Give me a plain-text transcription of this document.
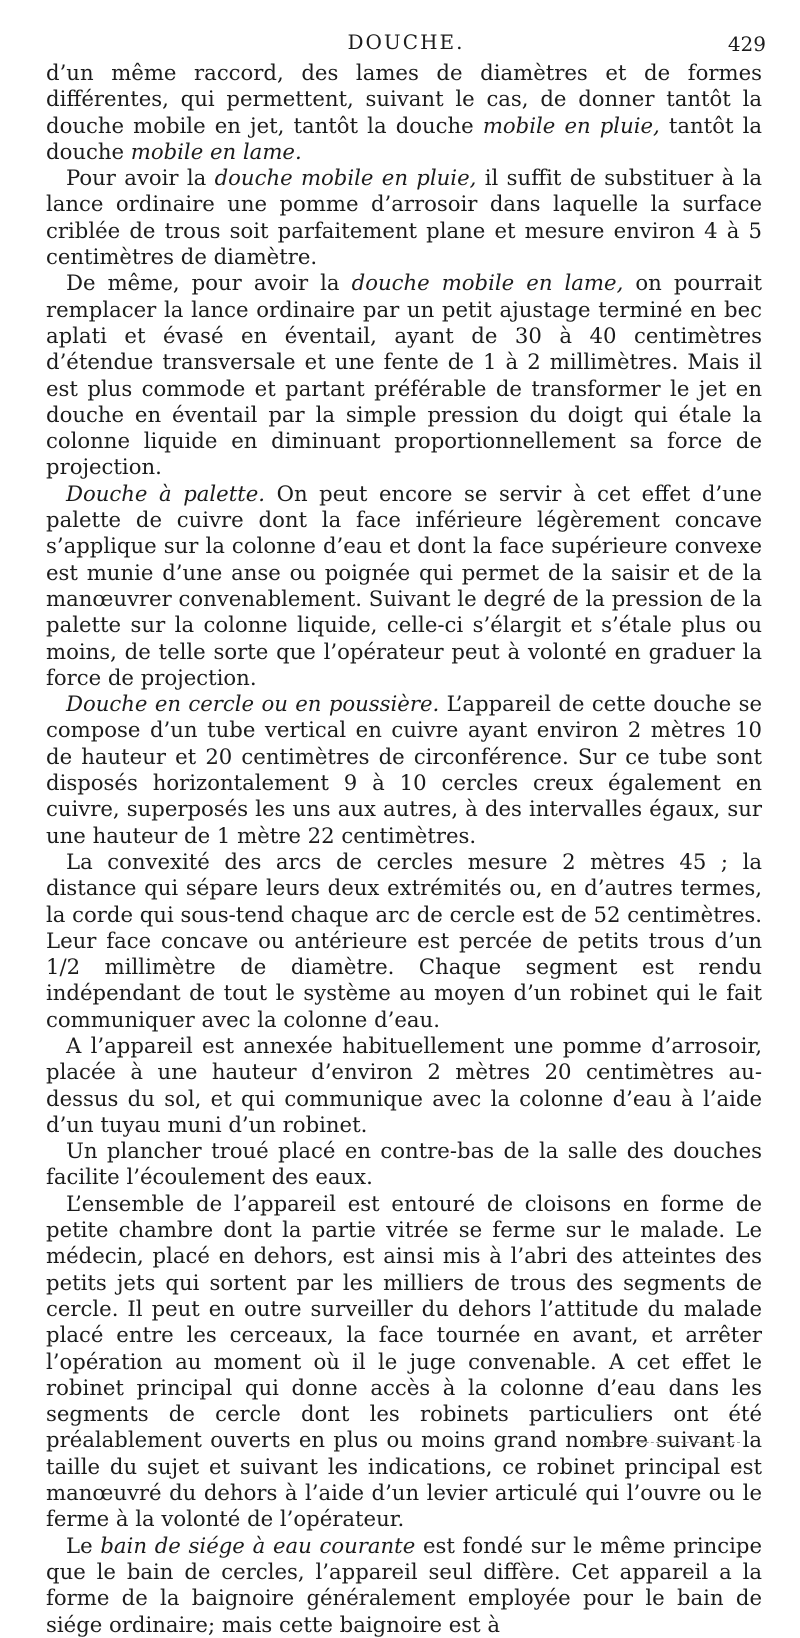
DOUCHE.	429

d’un même raccord, des lames de diamètres et de formes différentes, qui permettent, suivant le cas, de donner tantôt la douche mobile en jet, tantôt la douche mobile en pluie, tantôt la douche mobile en lame.

Pour avoir la douche mobile en pluie, il suffit de substituer à la lance ordinaire une pomme d’arrosoir dans laquelle la surface criblée de trous soit parfaitement plane et mesure environ 4 à 5 centimètres de diamètre.

De même, pour avoir la douche mobile en lame, on pourrait remplacer la lance ordinaire par un petit ajustage terminé en bec aplati et évasé en éventail, ayant de 30 à 40 centimètres d’étendue transversale et une fente de 1 à 2 millimètres. Mais il est plus commode et partant préférable de transformer le jet en douche en éventail par la simple pression du doigt qui étale la colonne liquide en diminuant proportionnellement sa force de projection.

Douche à palette. On peut encore se servir à cet effet d’une palette de cuivre dont la face inférieure légèrement concave s’applique sur la colonne d’eau et dont la face supérieure convexe est munie d’une anse ou poignée qui permet de la saisir et de la manœuvrer convenablement. Suivant le degré de la pression de la palette sur la colonne liquide, celle-ci s’élargit et s’étale plus ou moins, de telle sorte que l’opérateur peut à volonté en graduer la force de projection.

Douche en cercle ou en poussière. L’appareil de cette douche se compose d’un tube vertical en cuivre ayant environ 2 mètres 10 de hauteur et 20 centimètres de circonférence. Sur ce tube sont disposés horizontalement 9 à 10 cercles creux également en cuivre, superposés les uns aux autres, à des intervalles égaux, sur une hauteur de 1 mètre 22 centimètres.

La convexité des arcs de cercles mesure 2 mètres 45 ; la distance qui sépare leurs deux extrémités ou, en d’autres termes, la corde qui sous-tend chaque arc de cercle est de 52 centimètres. Leur face concave ou antérieure est percée de petits trous d’un 1/2 millimètre de diamètre. Chaque segment est rendu indépendant de tout le système au moyen d’un robinet qui le fait communiquer avec la colonne d’eau.

A l’appareil est annexée habituellement une pomme d’arrosoir, placée à une hauteur d’environ 2 mètres 20 centimètres au-dessus du sol, et qui communique avec la colonne d’eau à l’aide d’un tuyau muni d’un robinet.

Un plancher troué placé en contre-bas de la salle des douches facilite l’écoulement des eaux.

L’ensemble de l’appareil est entouré de cloisons en forme de petite chambre dont la partie vitrée se ferme sur le malade. Le médecin, placé en dehors, est ainsi mis à l’abri des atteintes des petits jets qui sortent par les milliers de trous des segments de cercle. Il peut en outre surveiller du dehors l’attitude du malade placé entre les cerceaux, la face tournée en avant, et arrêter l’opération au moment où il le juge convenable. A cet effet le robinet principal qui donne accès à la colonne d’eau dans les segments de cercle dont les robinets particuliers ont été préalablement ouverts en plus ou moins grand nombre suivant la taille du sujet et suivant les indications, ce robinet principal est manœuvré du dehors à l’aide d’un levier articulé qui l’ouvre ou le ferme à la volonté de l’opérateur.

Le bain de siége à eau courante est fondé sur le même principe que le bain de cercles, l’appareil seul diffère. Cet appareil a la forme de la baignoire généralement employée pour le bain de siége ordinaire; mais cette baignoire est à
